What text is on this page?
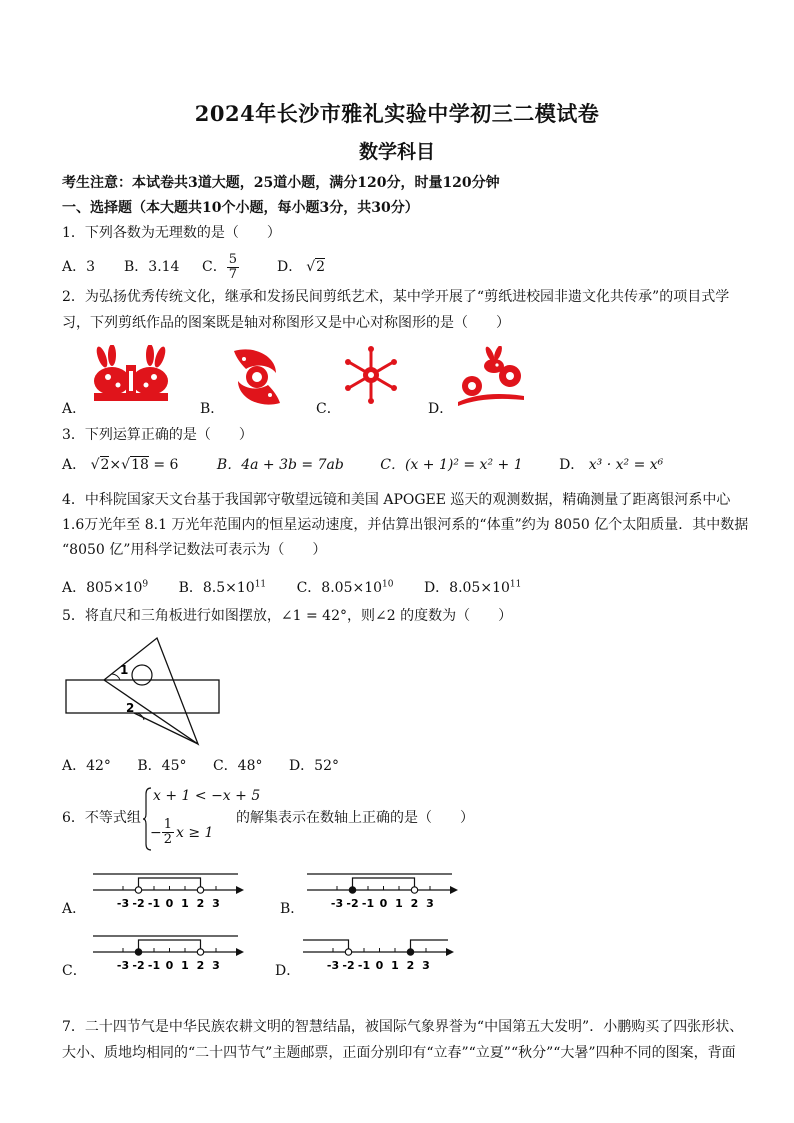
2024年长沙市雅礼实验中学初三二模试卷
数学科目
考生注意：本试卷共3道大题，25道小题，满分120分，时量120分钟
一、选择题（本大题共10个小题，每小题3分，共30分）
1．下列各数为无理数的是（　　）
A．3	B．3.14	C． $\frac{5}{7}$	D． √2
2．为弘扬优秀传统文化，继承和发扬民间剪纸艺术，某中学开展了“剪纸进校园非遗文化共传承”的项目式学
习，下列剪纸作品的图案既是轴对称图形又是中心对称图形的是（　　）
A．	B．	C．	D．
3．下列运算正确的是（　　）
A． √2×√18 = 6	B．4a + 3b = 7ab	C．(x + 1)² = x² + 1	D． x³ · x² = x⁶
4．中科院国家天文台基于我国郭守敬望远镜和美国 APOGEE 巡天的观测数据，精确测量了距离银河系中心
1.6万光年至 8.1 万光年范围内的恒星运动速度，并估算出银河系的“体重”约为 8050 亿个太阳质量．其中数据
“8050 亿”用科学记数法可表示为（　　）
A．$805\times 10^9$ B．$8.5\times 10^{11}$ C．$8.05\times 10^{10}$ D．$8.05\times 10^{11}$
5．将直尺和三角板进行如图摆放，∠1 = 42°，则∠2 的度数为（　　）
1
2
A．42° B．45° C．48° D．52°
6．不等式组
x + 1 < −x + 5
− $\frac{1}{2}$ x ≥ 1
的解集表示在数轴上正确的是（　　）
A．	B．
C．	D．
-3 -2 -1 0 1 2 3	-3 -2 -1 0 1 2 3
-3 -2 -1 0 1 2 3	-3 -2 -1 0 1 2 3
7．二十四节气是中华民族农耕文明的智慧结晶，被国际气象界誉为“中国第五大发明”．小鹏购买了四张形状、
大小、质地均相同的“二十四节气”主题邮票，正面分别印有“立春”“立夏”“秋分”“大暑”四种不同的图案，背面
